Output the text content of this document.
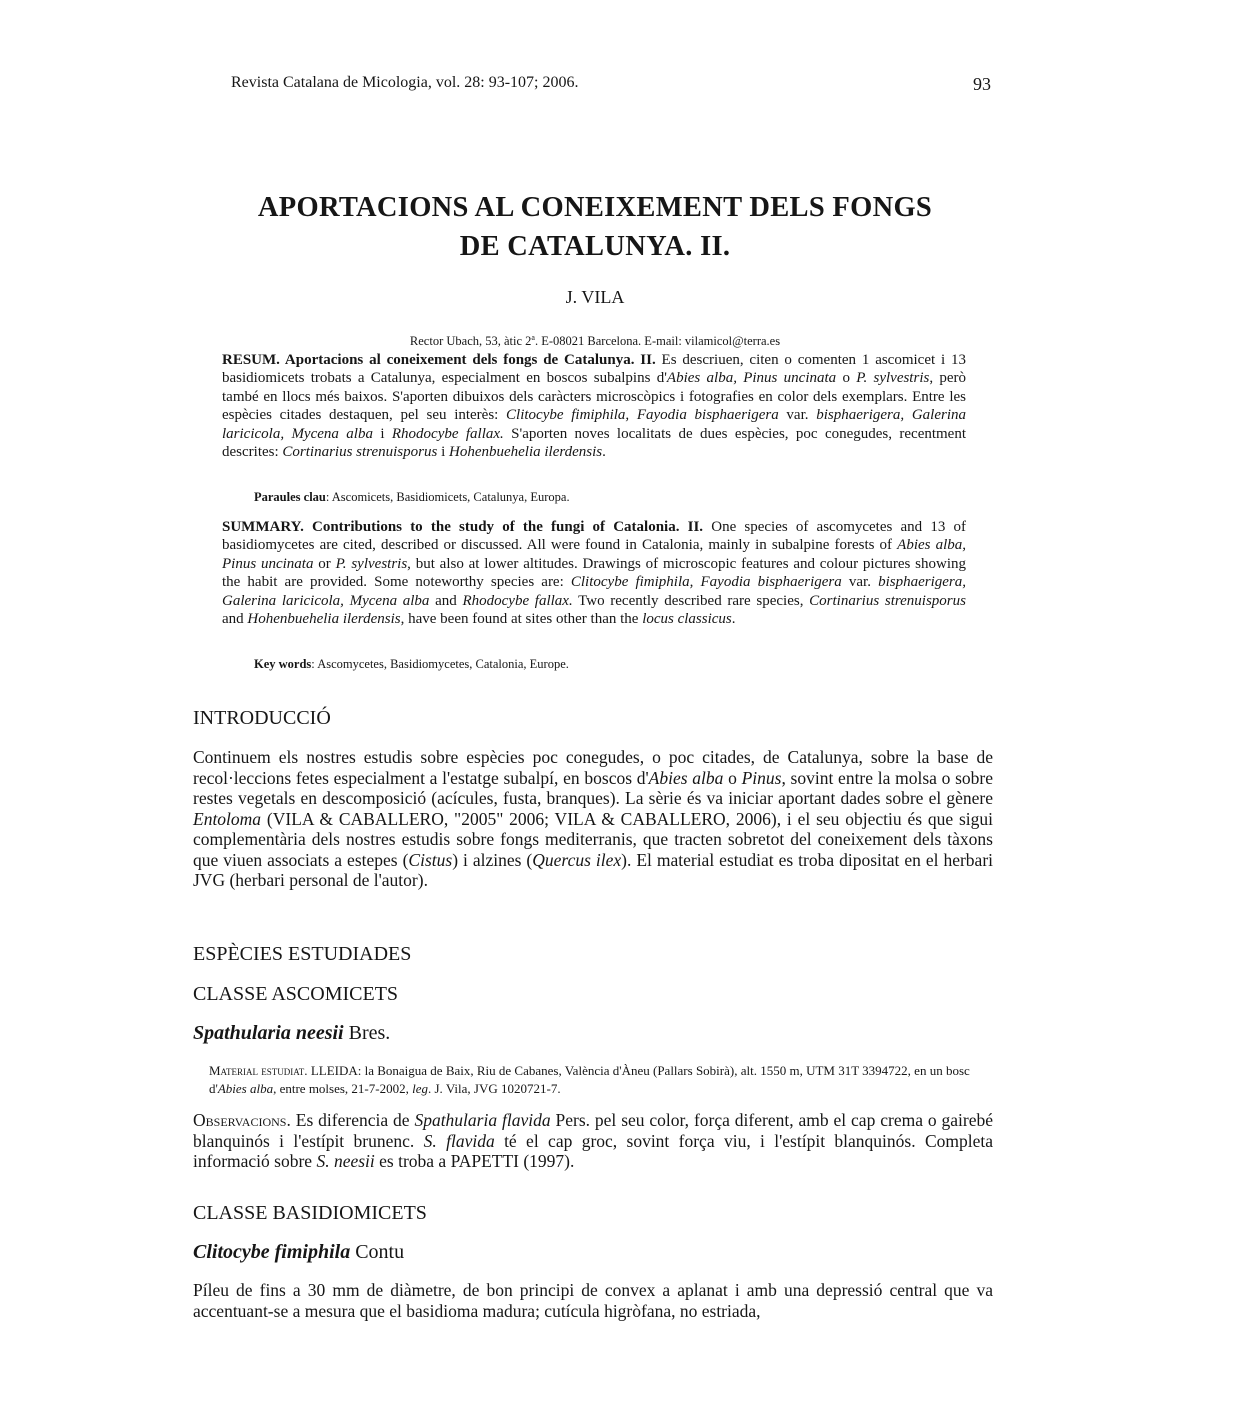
Revista Catalana de Micologia, vol. 28: 93-107; 2006.	93
APORTACIONS AL CONEIXEMENT DELS FONGS
DE CATALUNYA. II.
J. VILA
Rector Ubach, 53, àtic 2$^a$. E-08021 Barcelona. E-mail: vilamicol@terra.es
RESUM. Aportacions al coneixement dels fongs de Catalunya. II. Es descriuen, citen o comenten 1 ascomicet i 13 basidiomicets trobats a Catalunya, especialment en boscos subalpins d'Abies alba, Pinus uncinata o P. sylvestris, però també en llocs més baixos. S'aporten dibuixos dels caràcters microscòpics i fotografies en color dels exemplars. Entre les espècies citades destaquen, pel seu interès: Clitocybe fimiphila, Fayodia bisphaerigera var. bisphaerigera, Galerina laricicola, Mycena alba i Rhodocybe fallax. S'aporten noves localitats de dues espècies, poc conegudes, recentment descrites: Cortinarius strenuisporus i Hohenbuehelia ilerdensis.
Paraules clau: Ascomicets, Basidiomicets, Catalunya, Europa.
SUMMARY. Contributions to the study of the fungi of Catalonia. II. One species of ascomycetes and 13 of basidiomycetes are cited, described or discussed. All were found in Catalonia, mainly in subalpine forests of Abies alba, Pinus uncinata or P. sylvestris, but also at lower altitudes. Drawings of microscopic features and colour pictures showing the habit are provided. Some noteworthy species are: Clitocybe fimiphila, Fayodia bisphaerigera var. bisphaerigera, Galerina laricicola, Mycena alba and Rhodocybe fallax. Two recently described rare species, Cortinarius strenuisporus and Hohenbuehelia ilerdensis, have been found at sites other than the locus classicus.
Key words: Ascomycetes, Basidiomycetes, Catalonia, Europe.
INTRODUCCIÓ
Continuem els nostres estudis sobre espècies poc conegudes, o poc citades, de Catalunya, sobre la base de recol·leccions fetes especialment a l'estatge subalpí, en boscos d'Abies alba o Pinus, sovint entre la molsa o sobre restes vegetals en descomposició (acícules, fusta, branques). La sèrie és va iniciar aportant dades sobre el gènere Entoloma (VILA & CABALLERO, "2005" 2006; VILA & CABALLERO, 2006), i el seu objectiu és que sigui complementària dels nostres estudis sobre fongs mediterranis, que tracten sobretot del coneixement dels tàxons que viuen associats a estepes (Cistus) i alzines (Quercus ilex). El material estudiat es troba dipositat en el herbari JVG (herbari personal de l'autor).
ESPÈCIES ESTUDIADES
CLASSE ASCOMICETS
Spathularia neesii Bres.
Material estudiat. LLEIDA: la Bonaigua de Baix, Riu de Cabanes, València d'Àneu (Pallars Sobirà), alt. 1550 m, UTM 31T 3394722, en un bosc d'Abies alba, entre molses, 21-7-2002, leg. J. Vila, JVG 1020721-7.
Observacions. Es diferencia de Spathularia flavida Pers. pel seu color, força diferent, amb el cap crema o gairebé blanquinós i l'estípit brunenc. S. flavida té el cap groc, sovint força viu, i l'estípit blanquinós. Completa informació sobre S. neesii es troba a PAPETTI (1997).
CLASSE BASIDIOMICETS
Clitocybe fimiphila Contu
Píleu de fins a 30 mm de diàmetre, de bon principi de convex a aplanat i amb una depressió central que va accentuant-se a mesura que el basidioma madura; cutícula higròfana, no estriada,
